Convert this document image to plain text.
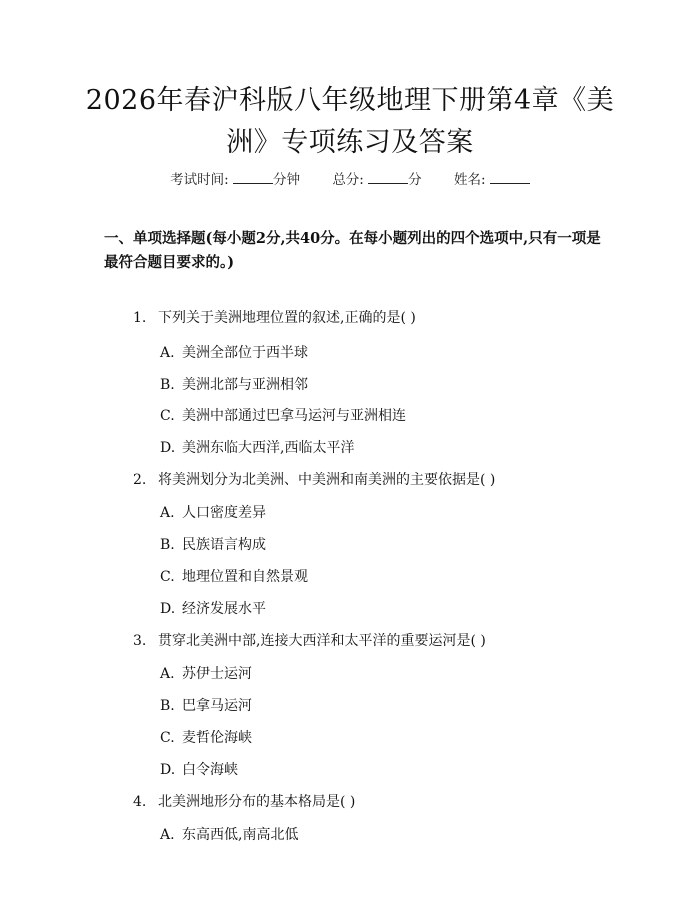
2026年春沪科版八年级地理下册第4章《美洲》专项练习及答案
考试时间:	分钟 总分:	分 姓名:

一、单项选择题(每小题2分,共40分。在每小题列出的四个选项中,只有一项是最符合题目要求的。)

1. 下列关于美洲地理位置的叙述,正确的是( )
A. 美洲全部位于西半球
B. 美洲北部与亚洲相邻
C. 美洲中部通过巴拿马运河与亚洲相连
D. 美洲东临大西洋,西临太平洋
2. 将美洲划分为北美洲、中美洲和南美洲的主要依据是( )
A. 人口密度差异
B. 民族语言构成
C. 地理位置和自然景观
D. 经济发展水平
3. 贯穿北美洲中部,连接大西洋和太平洋的重要运河是( )
A. 苏伊士运河
B. 巴拿马运河
C. 麦哲伦海峡
D. 白令海峡
4. 北美洲地形分布的基本格局是( )
A. 东高西低,南高北低
